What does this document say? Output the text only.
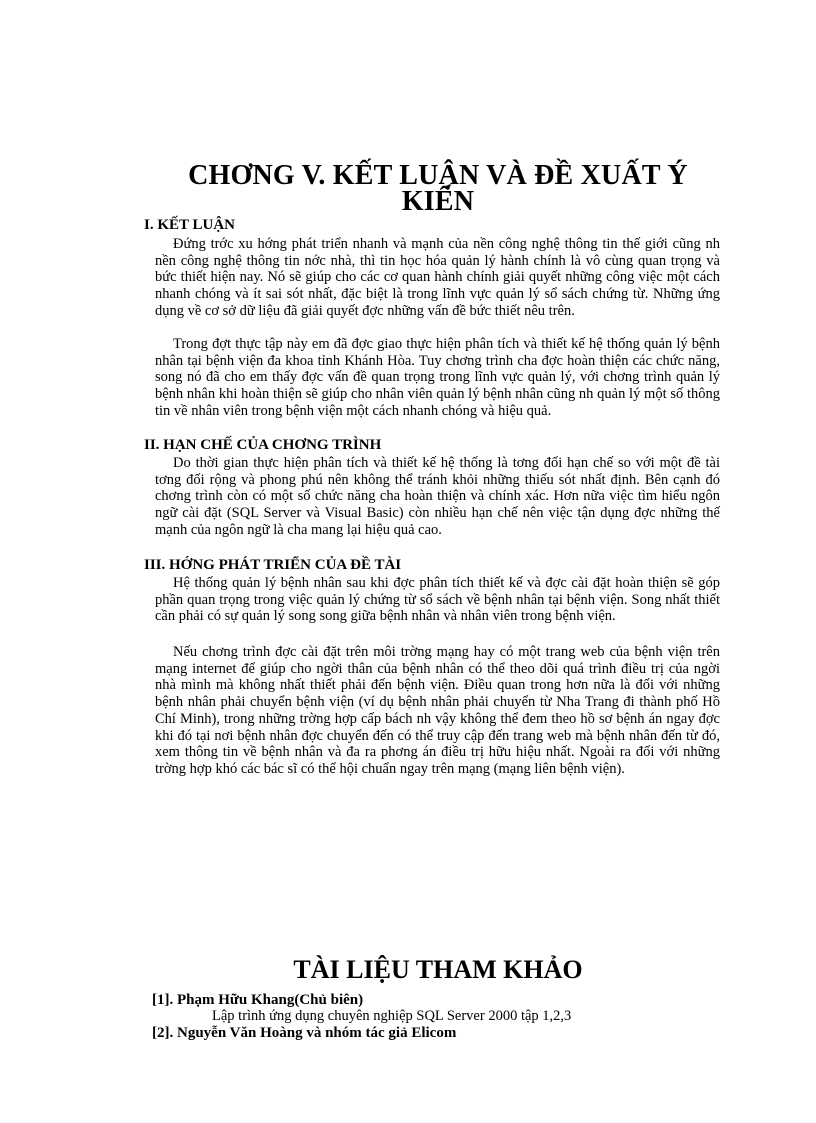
CHƠNG V. KẾT LUẬN VÀ ĐỀ XUẤT Ý KIẾN
I. KẾT LUẬN
Đứng trớc xu hớng phát triển nhanh và mạnh của nền công nghệ thông tin thế giới cũng nh nền công nghệ thông tin nớc nhà, thì tin học hóa quản lý hành chính là vô cùng quan trọng và bức thiết hiện nay. Nó sẽ giúp cho các cơ quan hành chính giải quyết những công việc một cách nhanh chóng và ít sai sót nhất, đặc biệt là trong lĩnh vực quản lý sổ sách chứng từ. Những ứng dụng về cơ sở dữ liệu đã giải quyết đợc những vấn đề bức thiết nêu trên.
Trong đợt thực tập này em đã đợc giao thực hiện phân tích và thiết kế hệ thống quản lý bệnh nhân tại bệnh viện đa khoa tỉnh Khánh Hòa. Tuy chơng trình cha đợc hoàn thiện các chức năng, song nó đã cho em thấy đợc vấn đề quan trọng trong lĩnh vực quản lý, với chơng trình quản lý bệnh nhân khi hoàn thiện sẽ giúp cho nhân viên quản lý bệnh nhân cũng nh quản lý một số thông tin về nhân viên trong bệnh viện một cách nhanh chóng và hiệu quả.
II. HẠN CHẾ CỦA CHƠNG TRÌNH
Do thời gian thực hiện phân tích và thiết kế hệ thống là tơng đối hạn chế so với một đề tài tơng đối rộng và phong phú nên không thể tránh khỏi những thiếu sót nhất định. Bên cạnh đó chơng trình còn có một số chức năng cha hoàn thiện và chính xác. Hơn nữa việc tìm hiểu ngôn ngữ cài đặt (SQL Server và Visual Basic) còn nhiều hạn chế nên việc tận dụng đợc những thế mạnh của ngôn ngữ là cha mang lại hiệu quả cao.
III. HỚNG PHÁT TRIỂN CỦA ĐỀ TÀI
Hệ thống quản lý bệnh nhân sau khi đợc phân tích thiết kế và đợc cài đặt hoàn thiện sẽ góp phần quan trọng trong việc quản lý chứng từ sổ sách về bệnh nhân tại bệnh viện. Song nhất thiết cần phải có sự quản lý song song giữa bệnh nhân và nhân viên trong bệnh viện.
Nếu chơng trình đợc cài đặt trên môi trờng mạng hay có một trang web của bệnh viện trên mạng internet để giúp cho ngời thân của bệnh nhân có thể theo dõi quá trình điều trị của ngời nhà mình mà không nhất thiết phải đến bệnh viện. Điều quan trong hơn nữa là đối với những bệnh nhân phải chuyển bệnh viện (ví dụ bệnh nhân phải chuyển từ Nha Trang đi thành phố Hồ Chí Minh), trong những trờng hợp cấp bách nh vậy không thể đem theo hồ sơ bệnh án ngay đợc khi đó tại nơi bệnh nhân đợc chuyển đến có thể truy cập đến trang web mà bệnh nhân đến từ đó, xem thông tin về bệnh nhân và đa ra phơng án điều trị hữu hiệu nhất. Ngoài ra đối với những trờng hợp khó các bác sĩ có thể hội chuẩn ngay trên mạng (mạng liên bệnh viện).
TÀI LIỆU THAM KHẢO
[1]. Phạm Hữu Khang(Chủ biên)
Lập trình ứng dụng chuyên nghiệp SQL Server 2000 tập 1,2,3
[2]. Nguyễn Văn Hoàng và nhóm tác giả Elicom
